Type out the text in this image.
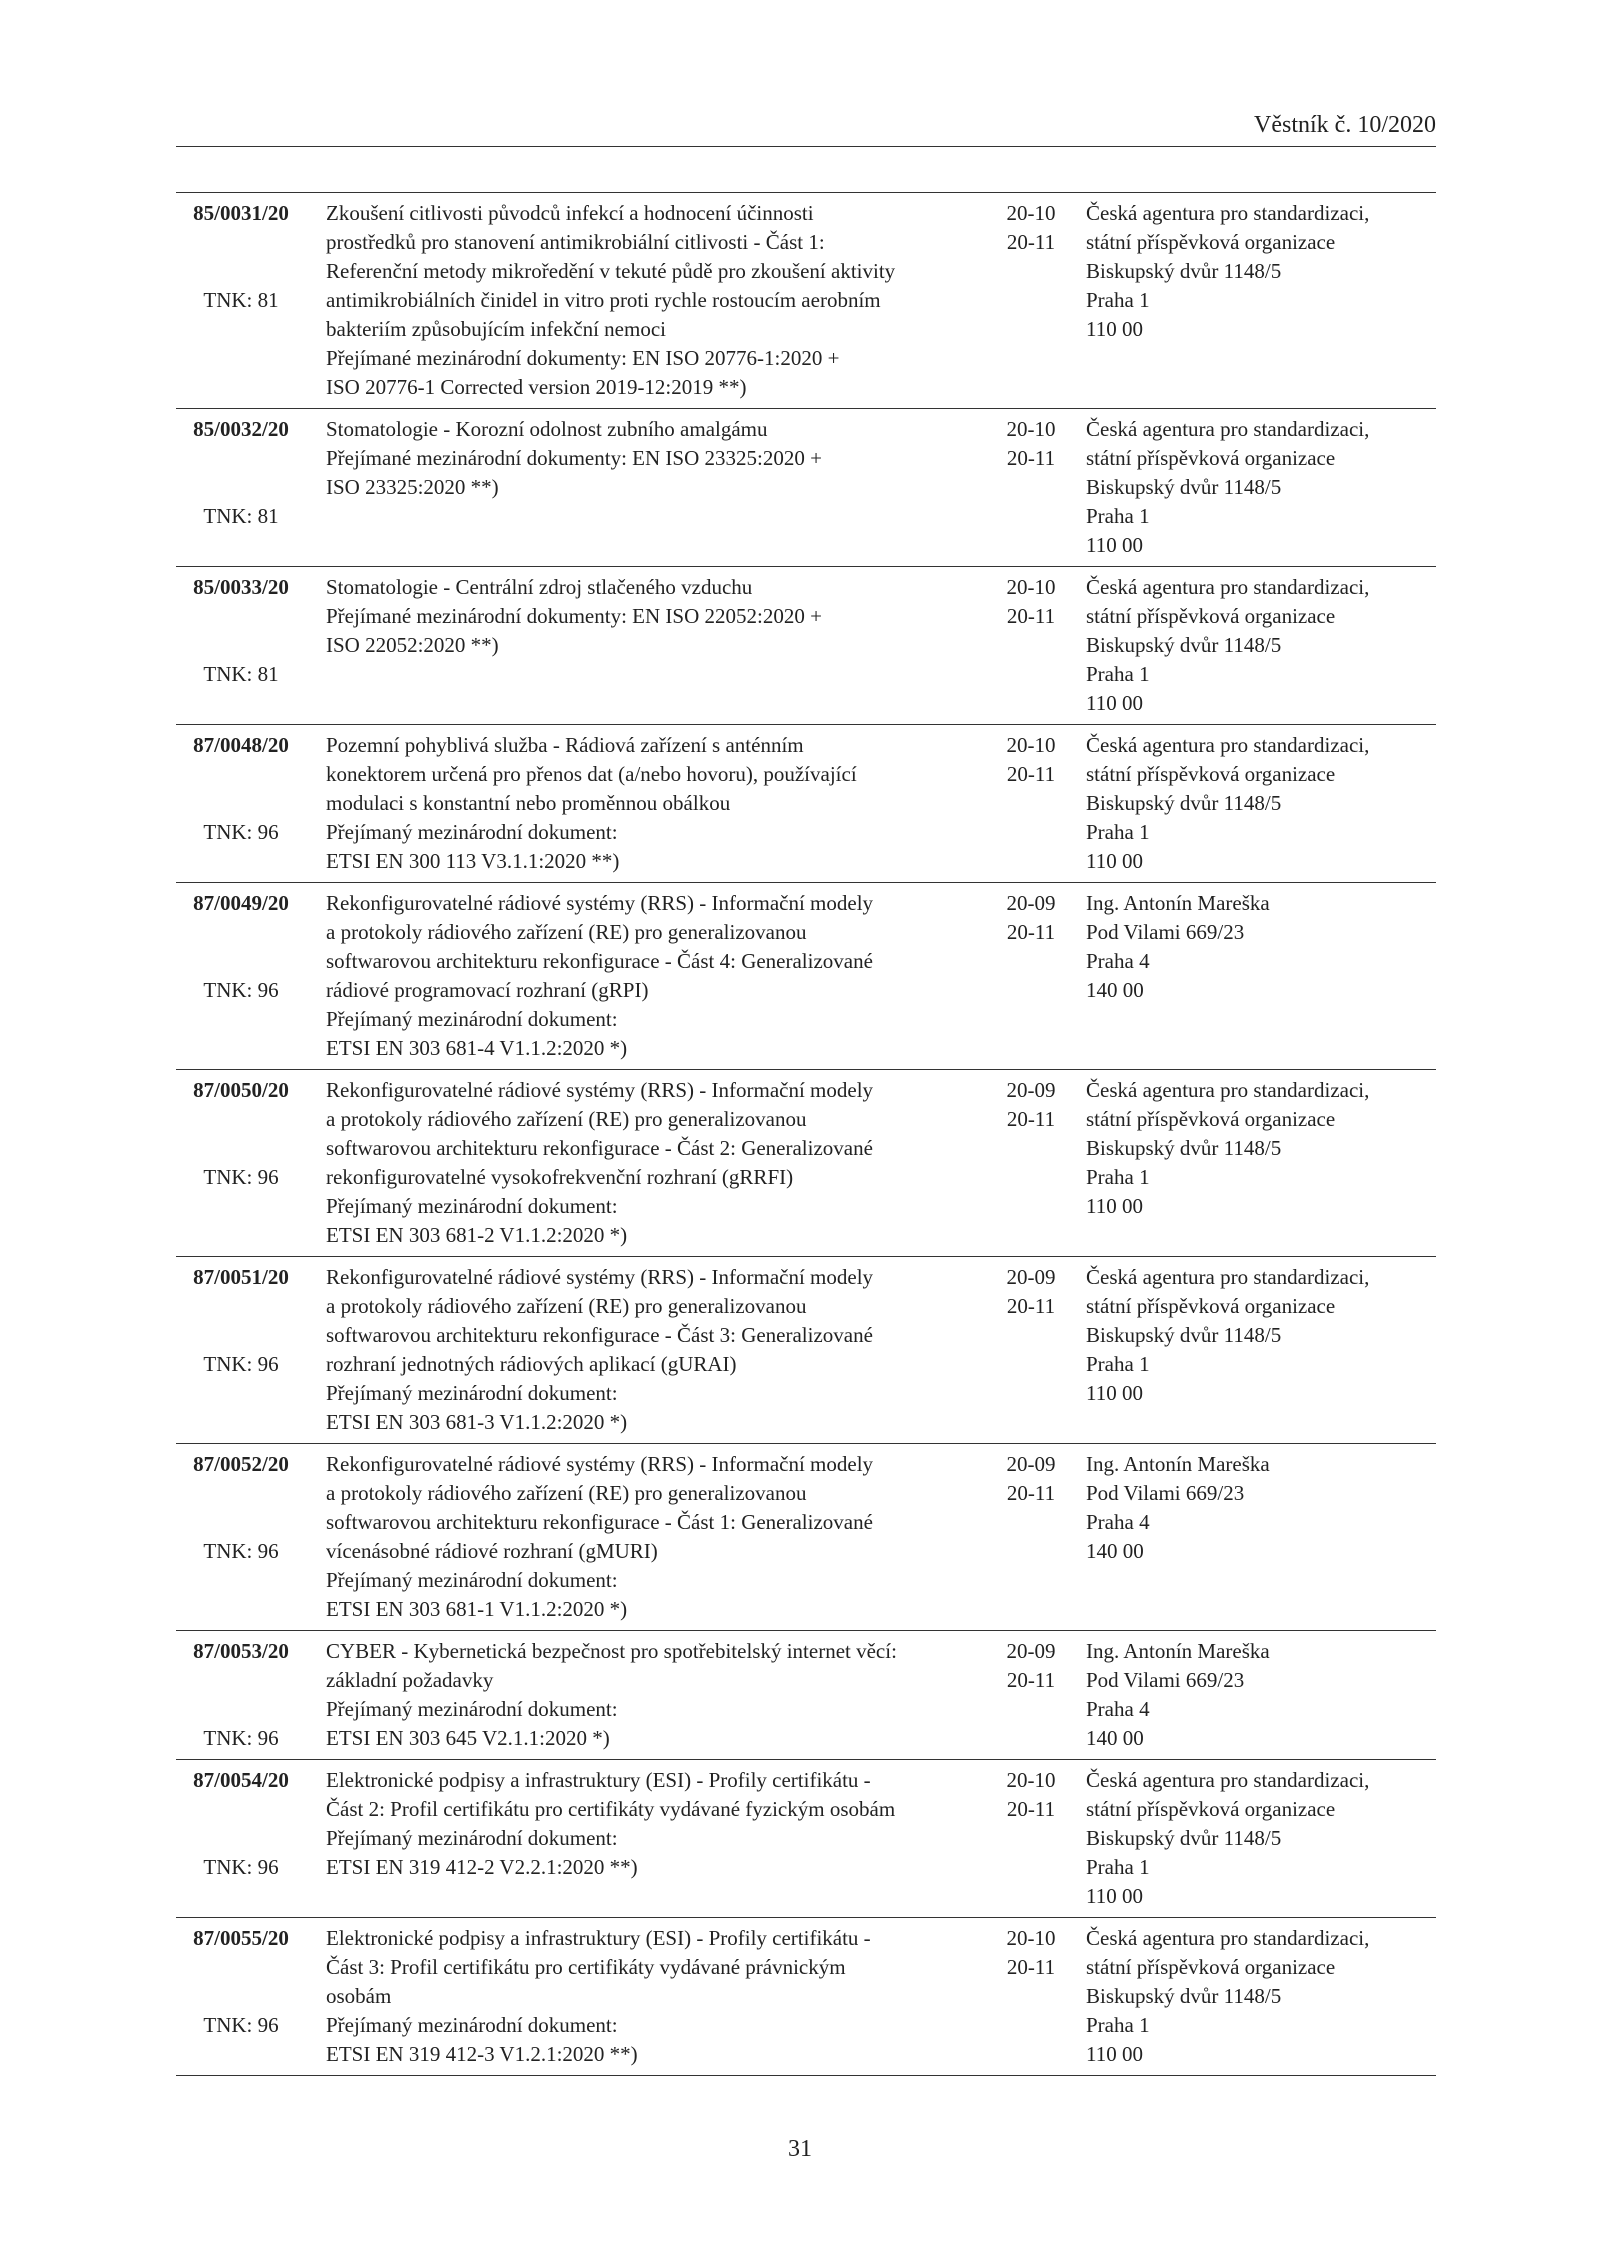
Věstník č. 10/2020
85/0031/20
TNK: 81
Zkoušení citlivosti původců infekcí a hodnocení účinnosti
prostředků pro stanovení antimikrobiální citlivosti - Část 1:
Referenční metody mikroředění v tekuté půdě pro zkoušení aktivity
antimikrobiálních činidel in vitro proti rychle rostoucím aerobním
bakteriím způsobujícím infekční nemoci
Přejímané mezinárodní dokumenty: EN ISO 20776-1:2020 +
ISO 20776-1 Corrected version 2019-12:2019 **)
20-10
20-11
Česká agentura pro standardizaci,
státní příspěvková organizace
Biskupský dvůr 1148/5
Praha 1
110 00
85/0032/20
TNK: 81
Stomatologie - Korozní odolnost zubního amalgámu
Přejímané mezinárodní dokumenty: EN ISO 23325:2020 +
ISO 23325:2020 **)
20-10
20-11
Česká agentura pro standardizaci,
státní příspěvková organizace
Biskupský dvůr 1148/5
Praha 1
110 00
85/0033/20
TNK: 81
Stomatologie - Centrální zdroj stlačeného vzduchu
Přejímané mezinárodní dokumenty: EN ISO 22052:2020 +
ISO 22052:2020 **)
20-10
20-11
Česká agentura pro standardizaci,
státní příspěvková organizace
Biskupský dvůr 1148/5
Praha 1
110 00
87/0048/20
TNK: 96
Pozemní pohyblivá služba - Rádiová zařízení s anténním
konektorem určená pro přenos dat (a/nebo hovoru), používající
modulaci s konstantní nebo proměnnou obálkou
Přejímaný mezinárodní dokument:
ETSI EN 300 113 V3.1.1:2020 **)
20-10
20-11
Česká agentura pro standardizaci,
státní příspěvková organizace
Biskupský dvůr 1148/5
Praha 1
110 00
87/0049/20
TNK: 96
Rekonfigurovatelné rádiové systémy (RRS) - Informační modely
a protokoly rádiového zařízení (RE) pro generalizovanou
softwarovou architekturu rekonfigurace - Část 4: Generalizované
rádiové programovací rozhraní (gRPI)
Přejímaný mezinárodní dokument:
ETSI EN 303 681-4 V1.1.2:2020 *)
20-09
20-11
Ing. Antonín Mareška
Pod Vilami 669/23
Praha 4
140 00
87/0050/20
TNK: 96
Rekonfigurovatelné rádiové systémy (RRS) - Informační modely
a protokoly rádiového zařízení (RE) pro generalizovanou
softwarovou architekturu rekonfigurace - Část 2: Generalizované
rekonfigurovatelné vysokofrekvenční rozhraní (gRRFI)
Přejímaný mezinárodní dokument:
ETSI EN 303 681-2 V1.1.2:2020 *)
20-09
20-11
Česká agentura pro standardizaci,
státní příspěvková organizace
Biskupský dvůr 1148/5
Praha 1
110 00
87/0051/20
TNK: 96
Rekonfigurovatelné rádiové systémy (RRS) - Informační modely
a protokoly rádiového zařízení (RE) pro generalizovanou
softwarovou architekturu rekonfigurace - Část 3: Generalizované
rozhraní jednotných rádiových aplikací (gURAI)
Přejímaný mezinárodní dokument:
ETSI EN 303 681-3 V1.1.2:2020 *)
20-09
20-11
Česká agentura pro standardizaci,
státní příspěvková organizace
Biskupský dvůr 1148/5
Praha 1
110 00
87/0052/20
TNK: 96
Rekonfigurovatelné rádiové systémy (RRS) - Informační modely
a protokoly rádiového zařízení (RE) pro generalizovanou
softwarovou architekturu rekonfigurace - Část 1: Generalizované
vícenásobné rádiové rozhraní (gMURI)
Přejímaný mezinárodní dokument:
ETSI EN 303 681-1 V1.1.2:2020 *)
20-09
20-11
Ing. Antonín Mareška
Pod Vilami 669/23
Praha 4
140 00
87/0053/20
TNK: 96
CYBER - Kybernetická bezpečnost pro spotřebitelský internet věcí:
základní požadavky
Přejímaný mezinárodní dokument:
ETSI EN 303 645 V2.1.1:2020 *)
20-09
20-11
Ing. Antonín Mareška
Pod Vilami 669/23
Praha 4
140 00
87/0054/20
TNK: 96
Elektronické podpisy a infrastruktury (ESI) - Profily certifikátu -
Část 2: Profil certifikátu pro certifikáty vydávané fyzickým osobám
Přejímaný mezinárodní dokument:
ETSI EN 319 412-2 V2.2.1:2020 **)
20-10
20-11
Česká agentura pro standardizaci,
státní příspěvková organizace
Biskupský dvůr 1148/5
Praha 1
110 00
87/0055/20
TNK: 96
Elektronické podpisy a infrastruktury (ESI) - Profily certifikátu -
Část 3: Profil certifikátu pro certifikáty vydávané právnickým
osobám
Přejímaný mezinárodní dokument:
ETSI EN 319 412-3 V1.2.1:2020 **)
20-10
20-11
Česká agentura pro standardizaci,
státní příspěvková organizace
Biskupský dvůr 1148/5
Praha 1
110 00
31
